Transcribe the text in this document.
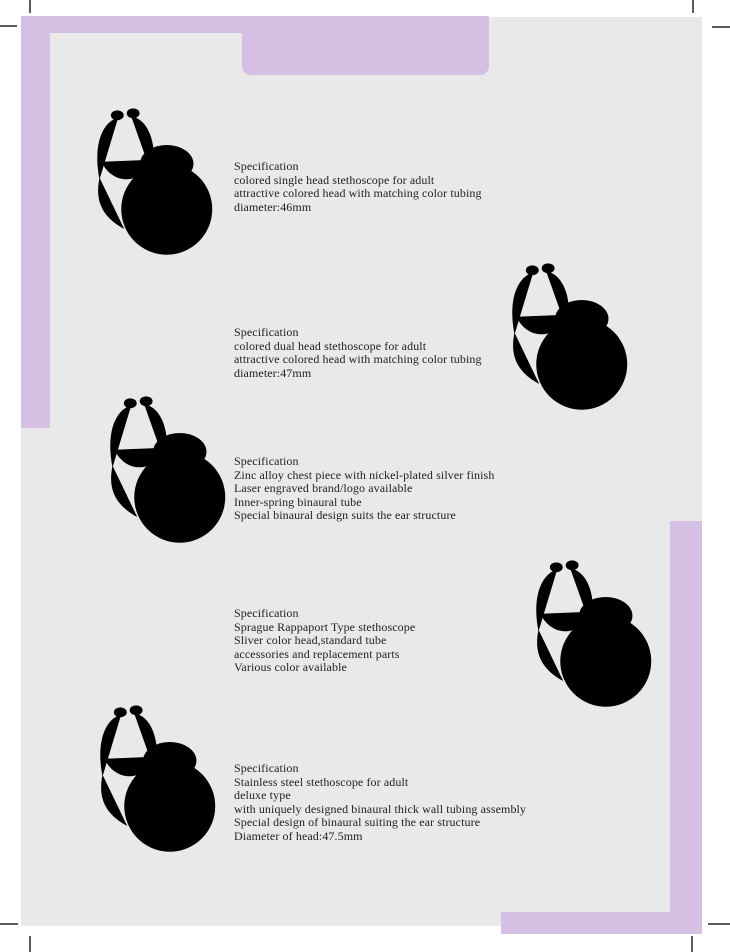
Specification
colored single head stethoscope for adult
attractive colored head with matching color tubing
diameter:46mm
Specification
colored dual head stethoscope for adult
attractive colored head with matching color tubing
diameter:47mm
Specification
Zinc alloy chest piece with nickel-plated silver finish
Laser engraved brand/logo available
Inner-spring binaural tube
Special binaural design suits the ear structure
Specification
Sprague Rappaport Type stethoscope
Sliver color head,standard tube
accessories and replacement parts
Various color available
Specification
Stainless steel stethoscope for adult
deluxe type
with uniquely designed binaural thick wall tubing assembly
Special design of binaural suiting the ear structure
Diameter of head:47.5mm
